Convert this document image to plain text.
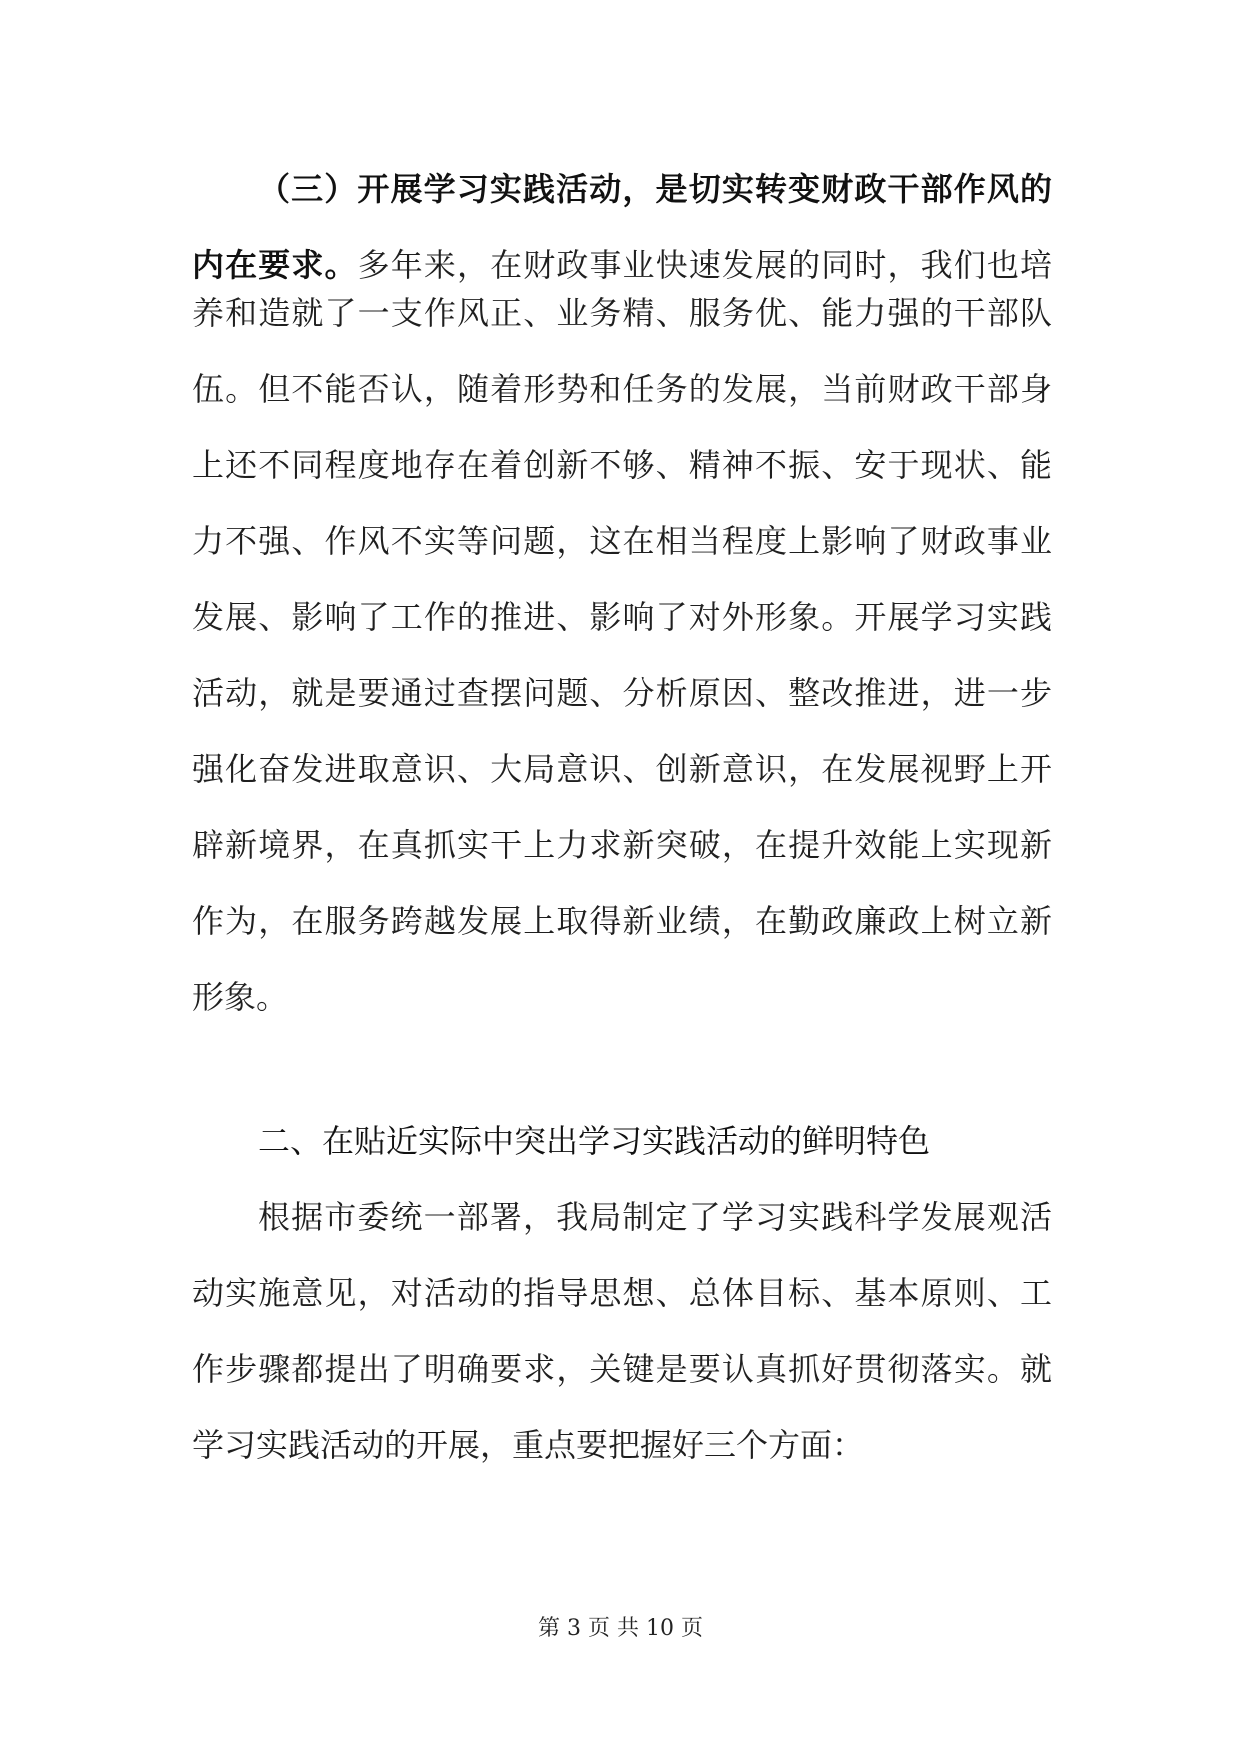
（三）开展学习实践活动，是切实转变财政干部作风的
内在要求。多年来，在财政事业快速发展的同时，我们也培
养和造就了一支作风正、业务精、服务优、能力强的干部队
伍。但不能否认，随着形势和任务的发展，当前财政干部身
上还不同程度地存在着创新不够、精神不振、安于现状、能
力不强、作风不实等问题，这在相当程度上影响了财政事业
发展、影响了工作的推进、影响了对外形象。开展学习实践
活动，就是要通过查摆问题、分析原因、整改推进，进一步
强化奋发进取意识、大局意识、创新意识，在发展视野上开
辟新境界，在真抓实干上力求新突破，在提升效能上实现新
作为，在服务跨越发展上取得新业绩，在勤政廉政上树立新
形象。
二、在贴近实际中突出学习实践活动的鲜明特色
根据市委统一部署，我局制定了学习实践科学发展观活
动实施意见，对活动的指导思想、总体目标、基本原则、工
作步骤都提出了明确要求，关键是要认真抓好贯彻落实。就
学习实践活动的开展，重点要把握好三个方面：
第 3 页 共 10 页
